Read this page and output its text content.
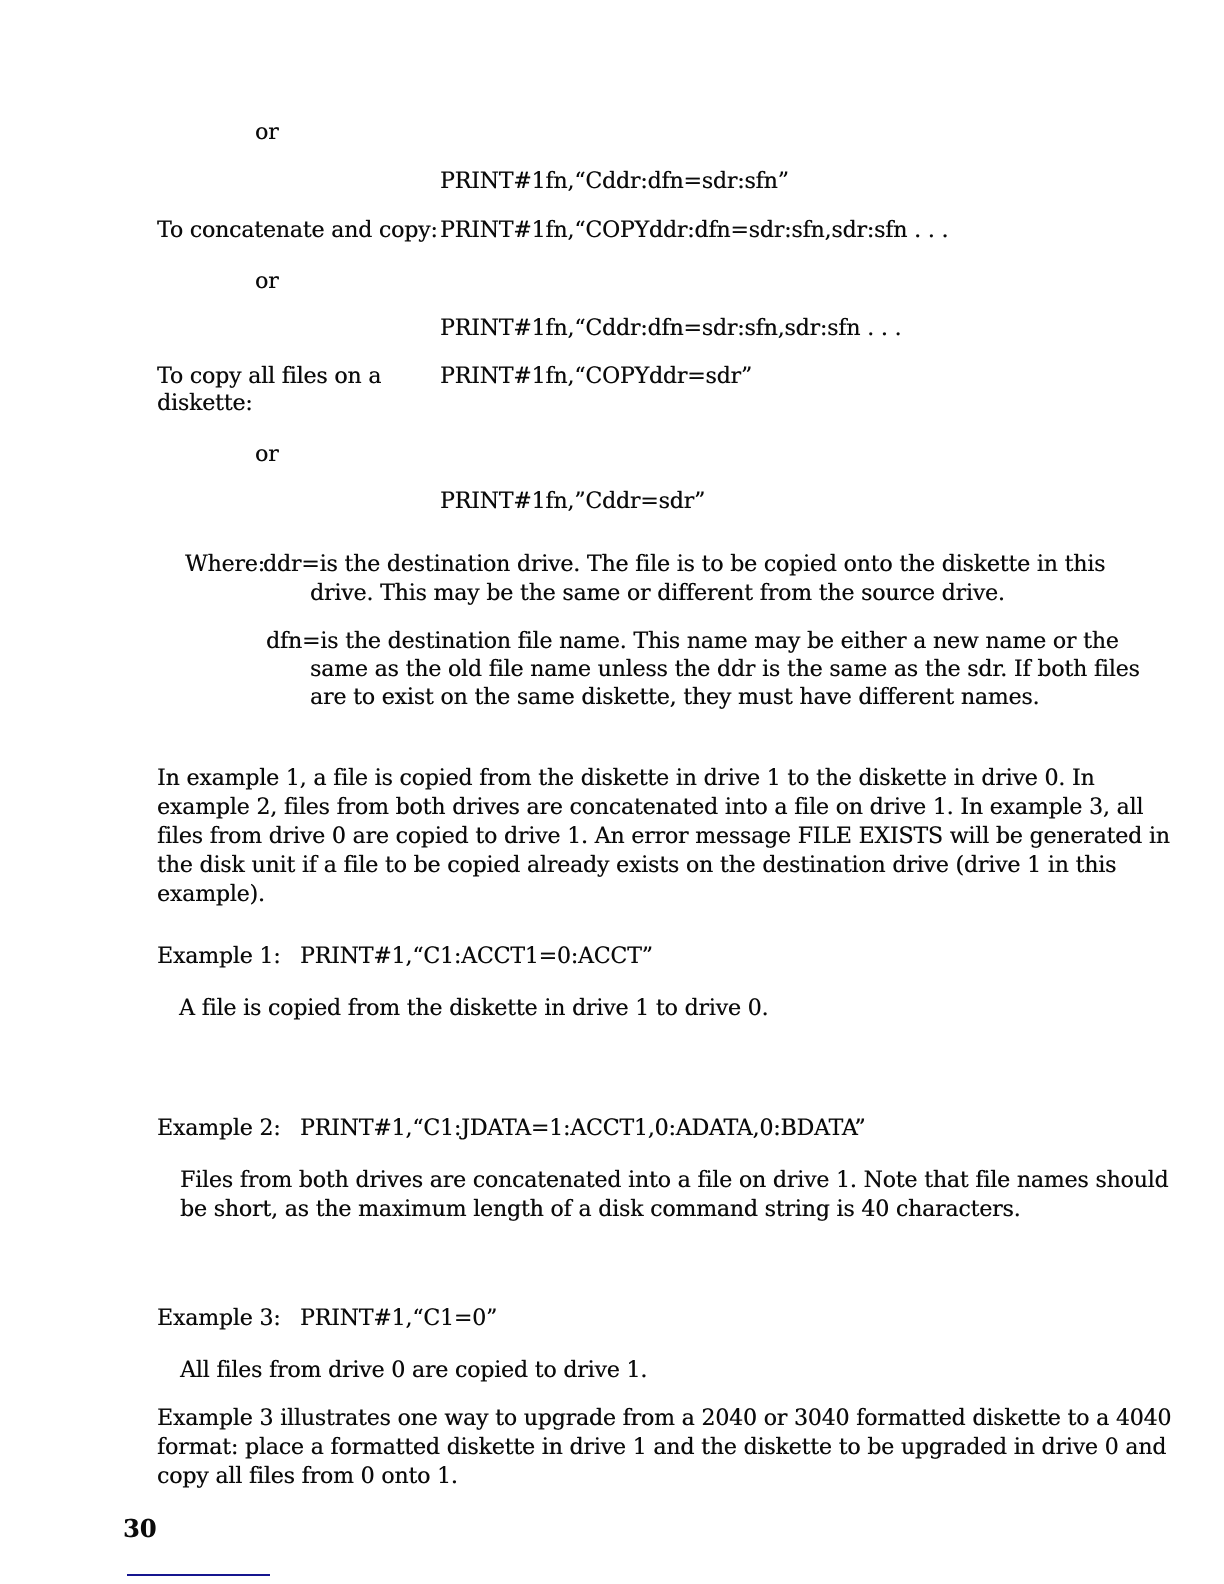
or
PRINT#1fn,“Cddr:dfn=sdr:sfn”
To concatenate and copy: PRINT#1fn,“COPYddr:dfn=sdr:sfn,sdr:sfn . . .
or
PRINT#1fn,“Cddr:dfn=sdr:sfn,sdr:sfn . . .
To copy all files on a
diskette:
PRINT#1fn,“COPYddr=sdr”
or
PRINT#1fn,”Cddr=sdr”
Where:
ddr=is the destination drive. The file is to be copied onto the diskette in this
drive. This may be the same or different from the source drive.
dfn=is the destination file name. This name may be either a new name or the
same as the old file name unless the ddr is the same as the sdr. If both files
are to exist on the same diskette, they must have different names.
In example 1, a file is copied from the diskette in drive 1 to the diskette in drive 0. In
example 2, files from both drives are concatenated into a file on drive 1. In example 3, all
files from drive 0 are copied to drive 1. An error message FILE EXISTS will be generated in
the disk unit if a file to be copied already exists on the destination drive (drive 1 in this
example).
Example 1: PRINT#1,“C1:ACCT1=0:ACCT”
A file is copied from the diskette in drive 1 to drive 0.
Example 2: PRINT#1,“C1:JDATA=1:ACCT1,0:ADATA,0:BDATA”
Files from both drives are concatenated into a file on drive 1. Note that file names should
be short, as the maximum length of a disk command string is 40 characters.
Example 3: PRINT#1,“C1=0”
All files from drive 0 are copied to drive 1.
Example 3 illustrates one way to upgrade from a 2040 or 3040 formatted diskette to a 4040
format: place a formatted diskette in drive 1 and the diskette to be upgraded in drive 0 and
copy all files from 0 onto 1.
30
